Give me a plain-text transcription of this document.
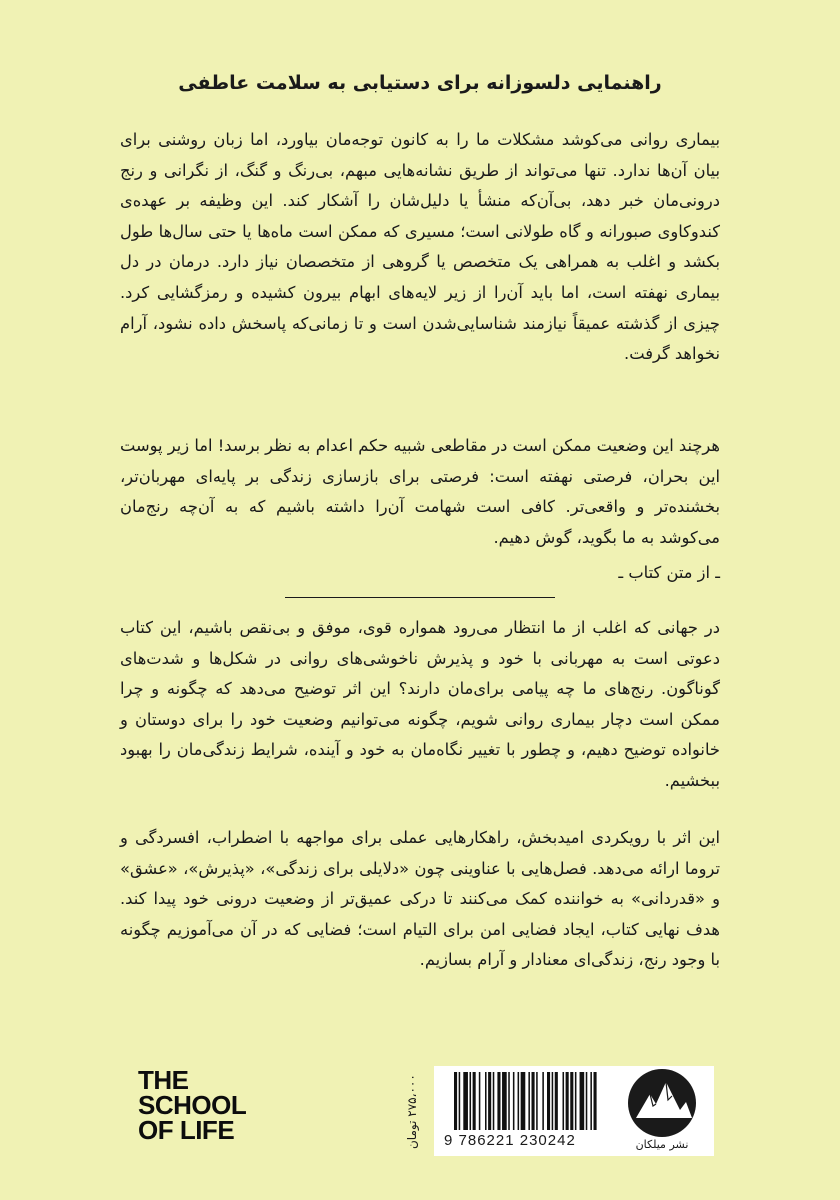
راهنمایی دلسوزانه برای دستیابی به سلامت عاطفی

بیماری روانی می‌کوشد مشکلات ما را به کانون توجه‌مان بیاورد، اما زبان روشنی برای بیان آن‌ها ندارد. تنها می‌تواند از طریق نشانه‌هایی مبهم، بی‌رنگ و گنگ، از نگرانی و رنج درونی‌مان خبر دهد، بی‌آن‌که منشأ یا دلیل‌شان را آشکار کند. این وظیفه بر عهده‌ی کندوکاوی صبورانه و گاه طولانی است؛ مسیری که ممکن است ماه‌ها یا حتی سال‌ها طول بکشد و اغلب به همراهی یک متخصص یا گروهی از متخصصان نیاز دارد. درمان در دل بیماری نهفته است، اما باید آن‌را از زیر لایه‌های ابهام بیرون کشیده و رمزگشایی کرد. چیزی از گذشته عمیقاً نیازمند شناسایی‌شدن است و تا زمانی‌که پاسخش داده نشود، آرام نخواهد گرفت.

هرچند این وضعیت ممکن است در مقاطعی شبیه حکم اعدام به نظر برسد! اما زیر پوست این بحران، فرصتی نهفته است: فرصتی برای بازسازی زندگی بر پایه‌ای مهربان‌تر، بخشنده‌تر و واقعی‌تر. کافی است شهامت آن‌را داشته باشیم که به آن‌چه رنج‌مان می‌کوشد به ما بگوید، گوش دهیم.

ـ از متن کتاب ـ

در جهانی که اغلب از ما انتظار می‌رود همواره قوی، موفق و بی‌نقص باشیم، این کتاب دعوتی است به مهربانی با خود و پذیرش ناخوشی‌های روانی در شکل‌ها و شدت‌های گوناگون. رنج‌های ما چه پیامی برای‌مان دارند؟ این اثر توضیح می‌دهد که چگونه و چرا ممکن است دچار بیماری روانی شویم، چگونه می‌توانیم وضعیت خود را برای دوستان و خانواده توضیح دهیم، و چطور با تغییر نگاه‌مان به خود و آینده، شرایط زندگی‌مان را بهبود ببخشیم.

این اثر با رویکردی امیدبخش، راهکارهایی عملی برای مواجهه با اضطراب، افسردگی و تروما ارائه می‌دهد. فصل‌هایی با عناوینی چون «دلایلی برای زندگی»، «پذیرش»، «عشق» و «قدردانی» به خواننده کمک می‌کنند تا درکی عمیق‌تر از وضعیت درونی خود پیدا کند. هدف نهایی کتاب، ایجاد فضایی امن برای التیام است؛ فضایی که در آن می‌آموزیم چگونه با وجود رنج، زندگی‌ای معنادار و آرام بسازیم.

THE
SCHOOL
OF LIFE	۲۷۵،۰۰۰ تومان
9 786221 230242	نشر میلکان
